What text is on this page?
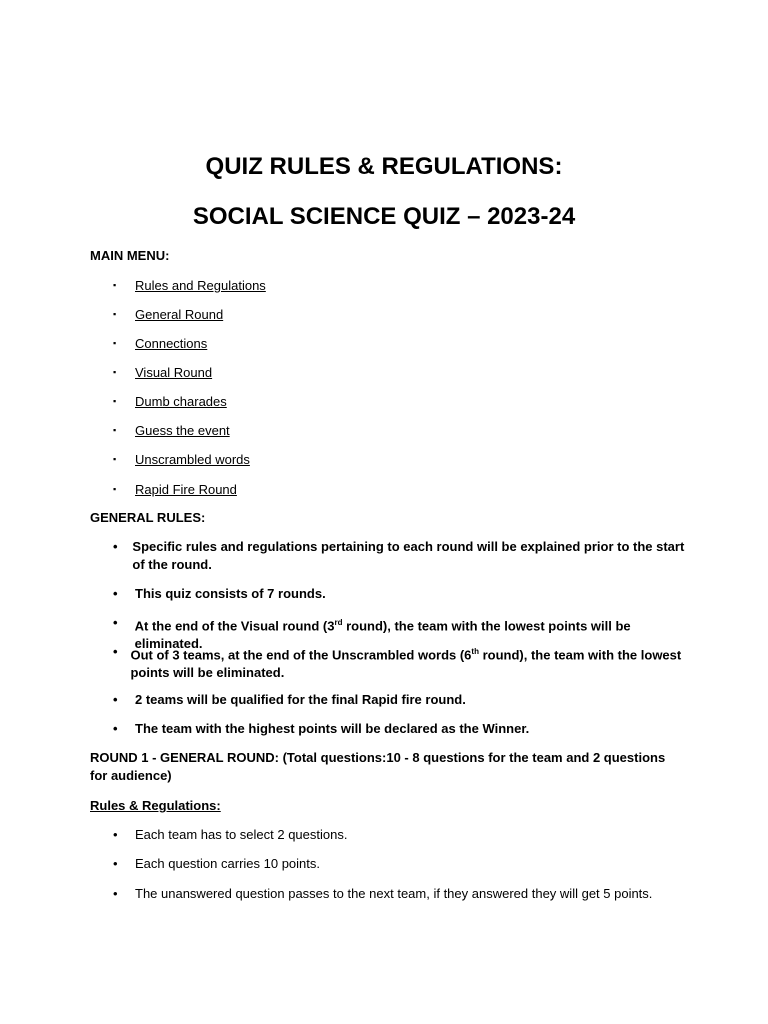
QUIZ RULES & REGULATIONS:
SOCIAL SCIENCE QUIZ – 2023-24
MAIN MENU:
▪	Rules and Regulations
▪	General Round
▪	Connections
▪	Visual Round
▪	Dumb charades
▪	Guess the event
▪	Unscrambled words
▪	Rapid Fire Round
GENERAL RULES:
•	Specific rules and regulations pertaining to each round will be explained prior to the start of the round.
•	This quiz consists of 7 rounds.
•	At the end of the Visual round (3rd round), the team with the lowest points will be eliminated.
• Out of 3 teams, at the end of the Unscrambled words (6th round), the team with the lowest points will be eliminated.
•	2 teams will be qualified for the final Rapid fire round.
•	The team with the highest points will be declared as the Winner.
ROUND 1 - GENERAL ROUND: (Total questions:10 - 8 questions for the team and 2 questions for audience)
Rules & Regulations:
•	Each team has to select 2 questions.
•	Each question carries 10 points.
•	The unanswered question passes to the next team, if they answered they will get 5 points.
